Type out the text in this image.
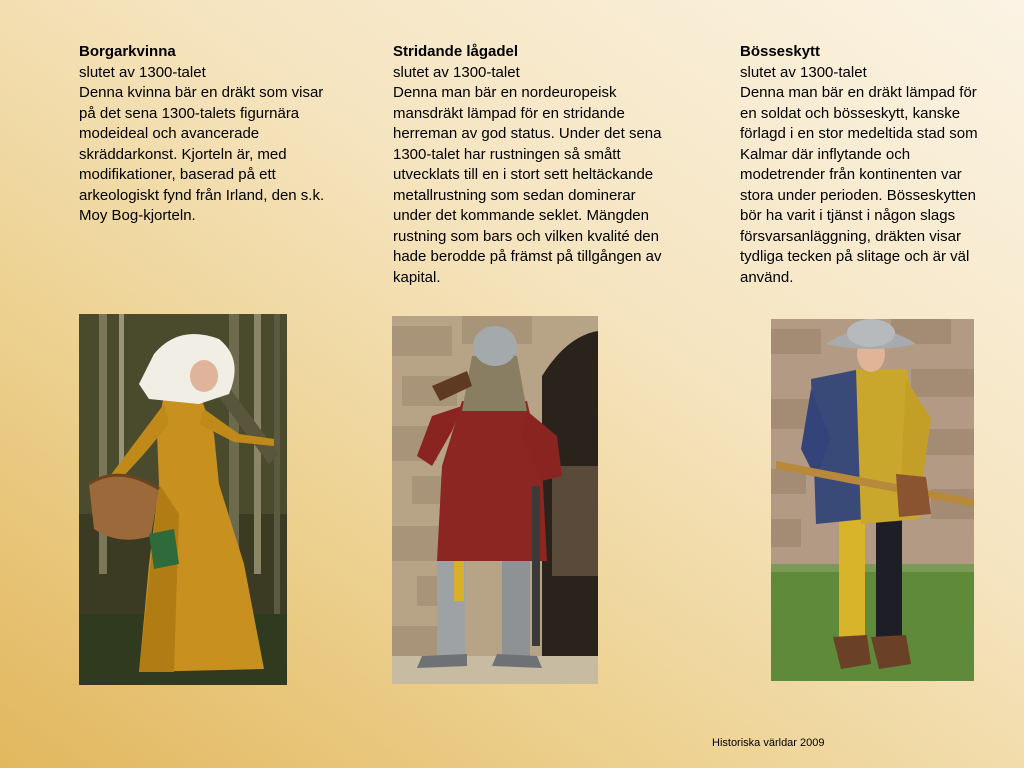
Borgarkvinna
slutet av 1300-talet
Denna kvinna bär en dräkt som visar på det sena 1300-talets figurnära modeideal och avancerade skräddarkonst. Kjorteln är, med modifikationer, baserad på ett arkeologiskt fynd från Irland, den s.k. Moy Bog-kjorteln.
Stridande lågadel
slutet av 1300-talet
Denna man bär en nordeuropeisk mansdräkt lämpad för en stridande herreman av god status. Under det sena 1300-talet har rustningen så smått utvecklats till en i stort sett heltäckande metallrustning som sedan dominerar under det kommande seklet. Mängden rustning som bars och vilken kvalité den hade berodde på främst på tillgången av kapital.
Bösseskytt
slutet av 1300-talet
Denna man bär en dräkt lämpad för en soldat och bösseskytt, kanske förlagd i en stor medeltida stad som Kalmar där inflytande och modetrender från kontinenten var stora under perioden. Bösseskytten bör ha varit i tjänst i någon slags försvarsanläggning, dräkten visar tydliga tecken på slitage och är väl använd.
Historiska världar 2009
